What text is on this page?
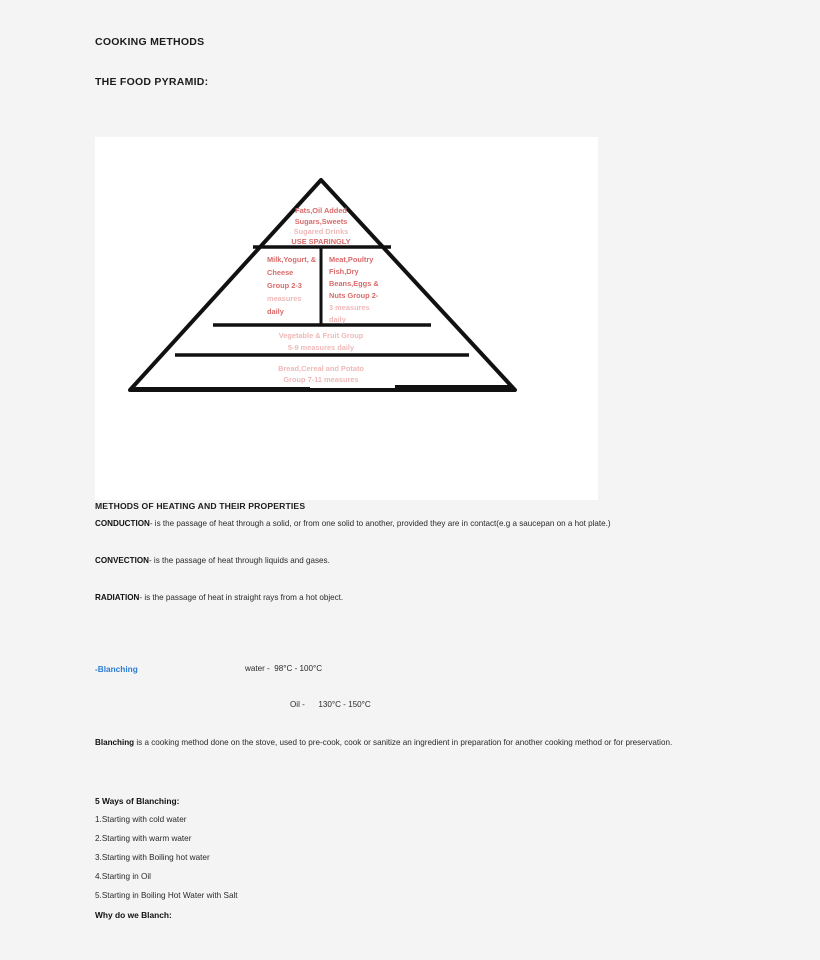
COOKING METHODS
THE FOOD PYRAMID:
Fats,Oil Added
Sugars,Sweets
Sugared Drinks
USE SPARINGLY
Milk,Yogurt, &
Cheese
Group 2-3
measures
daily
Meat,Poultry
Fish,Dry
Beans,Eggs &
Nuts Group 2-
3 measures
daily
Vegetable & Fruit Group
5-9 measures daily
Bread,Cereal and Potato
Group 7-11 measures
METHODS OF HEATING AND THEIR PROPERTIES
CONDUCTION- is the passage of heat through a solid, or from one solid to another, provided they are in contact(e.g a saucepan on a hot plate.)
CONVECTION- is the passage of heat through liquids and gases.
RADIATION- is the passage of heat in straight rays from a hot object.
-Blanching	water -  98°C - 100°C
Oil -      130°C - 150°C
Blanching is a cooking method done on the stove, used to pre-cook, cook or sanitize an ingredient in preparation for another cooking method or for preservation.
5 Ways of Blanching:
1.Starting with cold water
2.Starting with warm water
3.Starting with Boiling hot water
4.Starting in Oil
5.Starting in Boiling Hot Water with Salt
Why do we Blanch:
